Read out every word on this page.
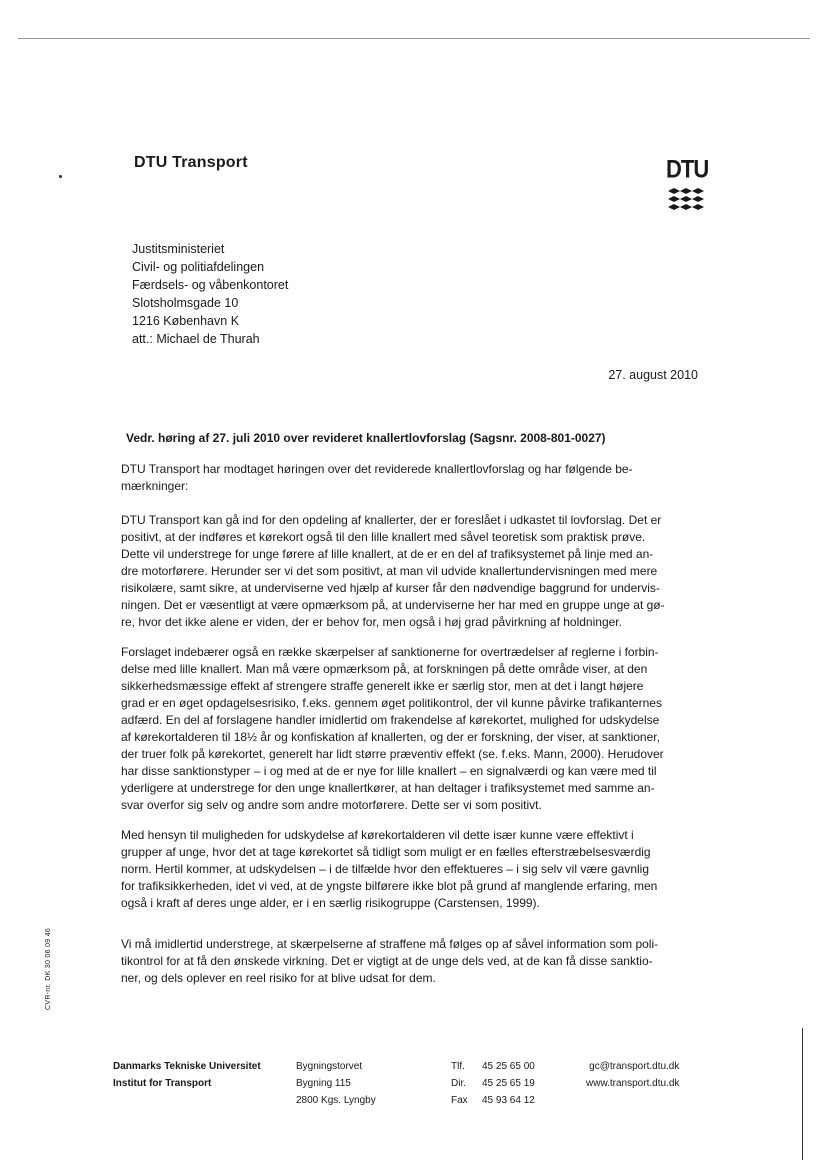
DTU Transport	DTU
Justitsministeriet
Civil- og politiafdelingen
Færdsels- og våbenkontoret
Slotsholmsgade 10
1216 København K
att.: Michael de Thurah
27. august 2010
Vedr. høring af 27. juli 2010 over revideret knallertlovforslag (Sagsnr. 2008-801-0027)
DTU Transport har modtaget høringen over det reviderede knallertlovforslag og har følgende be-
mærkninger:
DTU Transport kan gå ind for den opdeling af knallerter, der er foreslået i udkastet til lovforslag. Det er
positivt, at der indføres et kørekort også til den lille knallert med såvel teoretisk som praktisk prøve.
Dette vil understrege for unge førere af lille knallert, at de er en del af trafiksystemet på linje med an-
dre motorførere. Herunder ser vi det som positivt, at man vil udvide knallertundervisningen med mere
risikolære, samt sikre, at underviserne ved hjælp af kurser får den nødvendige baggrund for undervis-
ningen. Det er væsentligt at være opmærksom på, at underviserne her har med en gruppe unge at gø-
re, hvor det ikke alene er viden, der er behov for, men også i høj grad påvirkning af holdninger.
Forslaget indebærer også en række skærpelser af sanktionerne for overtrædelser af reglerne i forbin-
delse med lille knallert. Man må være opmærksom på, at forskningen på dette område viser, at den
sikkerhedsmæssige effekt af strengere straffe generelt ikke er særlig stor, men at det i langt højere
grad er en øget opdagelsesrisiko, f.eks. gennem øget politikontrol, der vil kunne påvirke trafikanternes
adfærd. En del af forslagene handler imidlertid om frakendelse af kørekortet, mulighed for udskydelse
af kørekortalderen til 18½ år og konfiskation af knallerten, og der er forskning, der viser, at sanktioner,
der truer folk på kørekortet, generelt har lidt større præventiv effekt (se. f.eks. Mann, 2000). Herudover
har disse sanktionstyper – i og med at de er nye for lille knallert – en signalværdi og kan være med til
yderligere at understrege for den unge knallertkører, at han deltager i trafiksystemet med samme an-
svar overfor sig selv og andre som andre motorførere. Dette ser vi som positivt.
Med hensyn til muligheden for udskydelse af kørekortalderen vil dette især kunne være effektivt i
grupper af unge, hvor det at tage kørekortet så tidligt som muligt er en fælles efterstræbelsesværdig
norm. Hertil kommer, at udskydelsen – i de tilfælde hvor den effektueres – i sig selv vil være gavnlig
for trafiksikkerheden, idet vi ved, at de yngste bilførere ikke blot på grund af manglende erfaring, men
også i kraft af deres unge alder, er i en særlig risikogruppe (Carstensen, 1999).
Vi må imidlertid understrege, at skærpelserne af straffene må følges op af såvel information som poli-
tikontrol for at få den ønskede virkning. Det er vigtigt at de unge dels ved, at de kan få disse sanktio-
ner, og dels oplever en reel risiko for at blive udsat for dem.
CVR-nr. DK 30 06 09 46
Danmarks Tekniske Universitet
Institut for Transport
Bygningstorvet
Bygning 115
2800 Kgs. Lyngby
Tlf. 45 25 65 00
Dir. 45 25 65 19
Fax 45 93 64 12
gc@transport.dtu.dk
www.transport.dtu.dk
